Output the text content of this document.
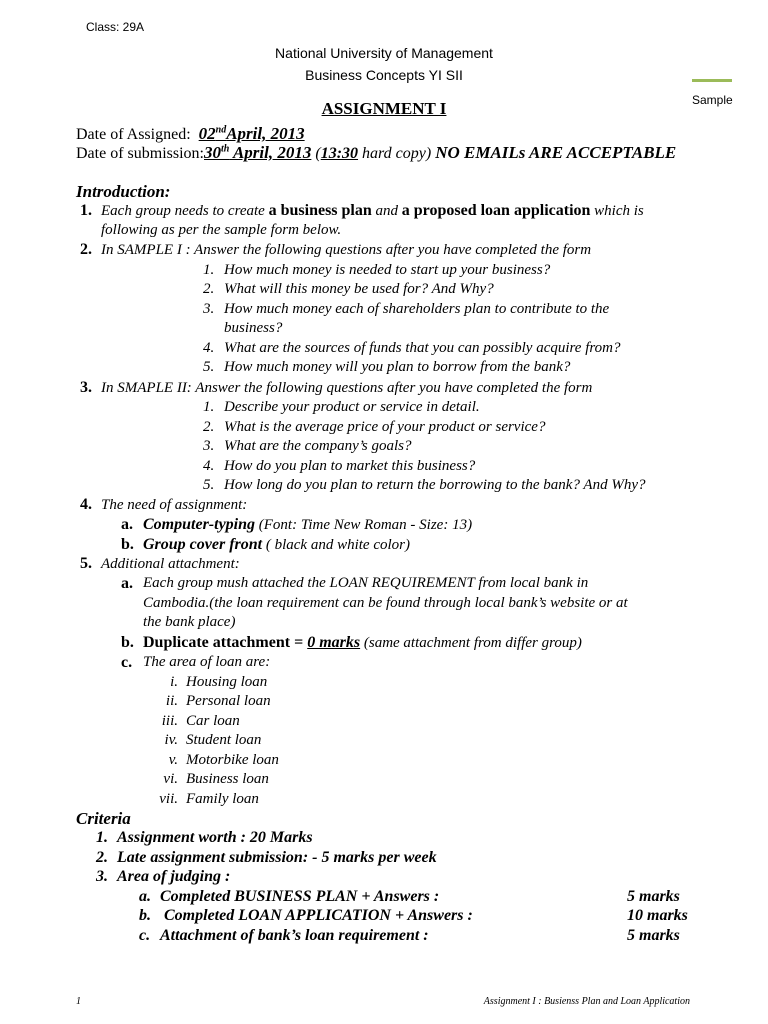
Class: 29A
National University of Management
Business Concepts YI SII
Sample
ASSIGNMENT I
Date of Assigned: 02ndApril, 2013
Date of submission:30th April, 2013 (13:30 hard copy) NO EMAILs ARE ACCEPTABLE
Introduction:
1. Each group needs to create a business plan and a proposed loan application which is
following as per the sample form below.
2. In SAMPLE I : Answer the following questions after you have completed the form
1. How much money is needed to start up your business?
2. What will this money be used for? And Why?
3. How much money each of shareholders plan to contribute to the
business?
4. What are the sources of funds that you can possibly acquire from?
5. How much money will you plan to borrow from the bank?
3. In SMAPLE II: Answer the following questions after you have completed the form
1. Describe your product or service in detail.
2. What is the average price of your product or service?
3. What are the company’s goals?
4. How do you plan to market this business?
5. How long do you plan to return the borrowing to the bank? And Why?
4. The need of assignment:
a. Computer-typing (Font: Time New Roman - Size: 13)
b. Group cover front ( black and white color)
5. Additional attachment:
a. Each group mush attached the LOAN REQUIREMENT from local bank in
Cambodia.(the loan requirement can be found through local bank’s website or at
the bank place)
b. Duplicate attachment = 0 marks (same attachment from differ group)
c. The area of loan are:
i. Housing loan
ii. Personal loan
iii. Car loan
iv. Student loan
v. Motorbike loan
vi. Business loan
vii. Family loan
Criteria
1. Assignment worth : 20 Marks
2. Late assignment submission: - 5 marks per week
3. Area of judging :
a. Completed BUSINESS PLAN + Answers :	5 marks
b. Completed LOAN APPLICATION + Answers :	10 marks
c. Attachment of bank’s loan requirement :	5 marks
1	Assignment I : Busienss Plan and Loan Application
